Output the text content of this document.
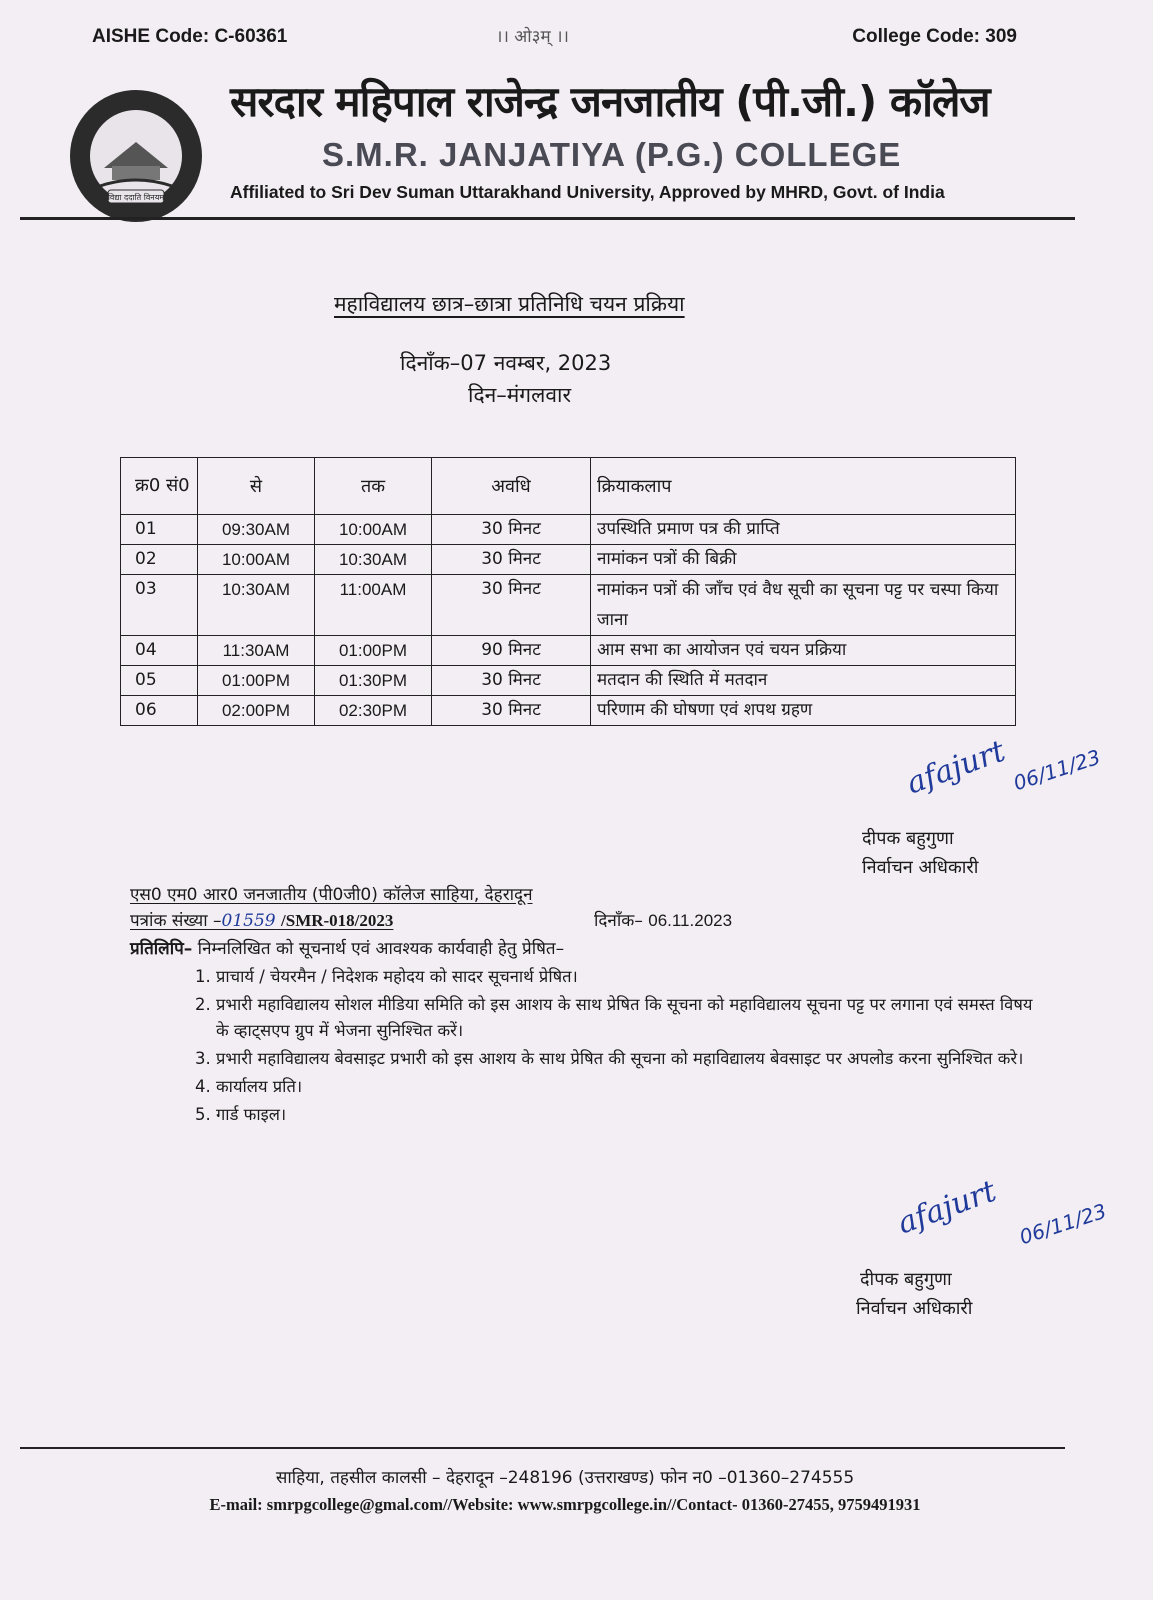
AISHE Code: C-60361	।। ओ३म् ।।	College Code: 309
विद्या ददाति विनयम्
सरदार महिपाल राजेन्द्र जनजातीय (पी.जी.) कॉलेज
S.M.R. JANJATIYA (P.G.) COLLEGE
Affiliated to Sri Dev Suman Uttarakhand University, Approved by MHRD, Govt. of India
महाविद्यालय छात्र–छात्रा प्रतिनिधि चयन प्रक्रिया
दिनाँक–07 नवम्बर, 2023
दिन–मंगलवार
क्र0 सं0	से	तक	अवधि	क्रियाकलाप
01	09:30AM	10:00AM	30 मिनट	उपस्थिति प्रमाण पत्र की प्राप्ति
02	10:00AM	10:30AM	30 मिनट	नामांकन पत्रों की बिक्री
03	10:30AM	11:00AM	30 मिनट	नामांकन पत्रों की जाँच एवं वैध सूची का सूचना पट्ट पर चस्पा किया जाना
04	11:30AM	01:00PM	90 मिनट	आम सभा का आयोजन एवं चयन प्रक्रिया
05	01:00PM	01:30PM	30 मिनट	मतदान की स्थिति में मतदान
06	02:00PM	02:30PM	30 मिनट	परिणाम की घोषणा एवं शपथ ग्रहण
afajurt 06/11/23
दीपक बहुगुणा
निर्वाचन अधिकारी
एस0 एम0 आर0 जनजातीय (पी0जी0) कॉलेज साहिया, देहरादून
पत्रांक संख्या –01559 /SMR-018/2023	दिनाँक– 06.11.2023
प्रतिलिपि– निम्नलिखित को सूचनार्थ एवं आवश्यक कार्यवाही हेतु प्रेषित–
1. प्राचार्य / चेयरमैन / निदेशक महोदय को सादर सूचनार्थ प्रेषित।
2. प्रभारी महाविद्यालय सोशल मीडिया समिति को इस आशय के साथ प्रेषित कि सूचना को महाविद्यालय सूचना पट्ट पर लगाना एवं समस्त विषय के व्हाट्सएप ग्रुप में भेजना सुनिश्चित करें।
3. प्रभारी महाविद्यालय बेवसाइट प्रभारी को इस आशय के साथ प्रेषित की सूचना को महाविद्यालय बेवसाइट पर अपलोड करना सुनिश्चित करे।
4. कार्यालय प्रति।
5. गार्ड फाइल।
afajurt 06/11/23
दीपक बहुगुणा
निर्वाचन अधिकारी
साहिया, तहसील कालसी – देहरादून –248196 (उत्तराखण्ड) फोन न0 –01360–274555
E-mail: smrpgcollege@gmal.com//Website: www.smrpgcollege.in//Contact- 01360-27455, 9759491931
